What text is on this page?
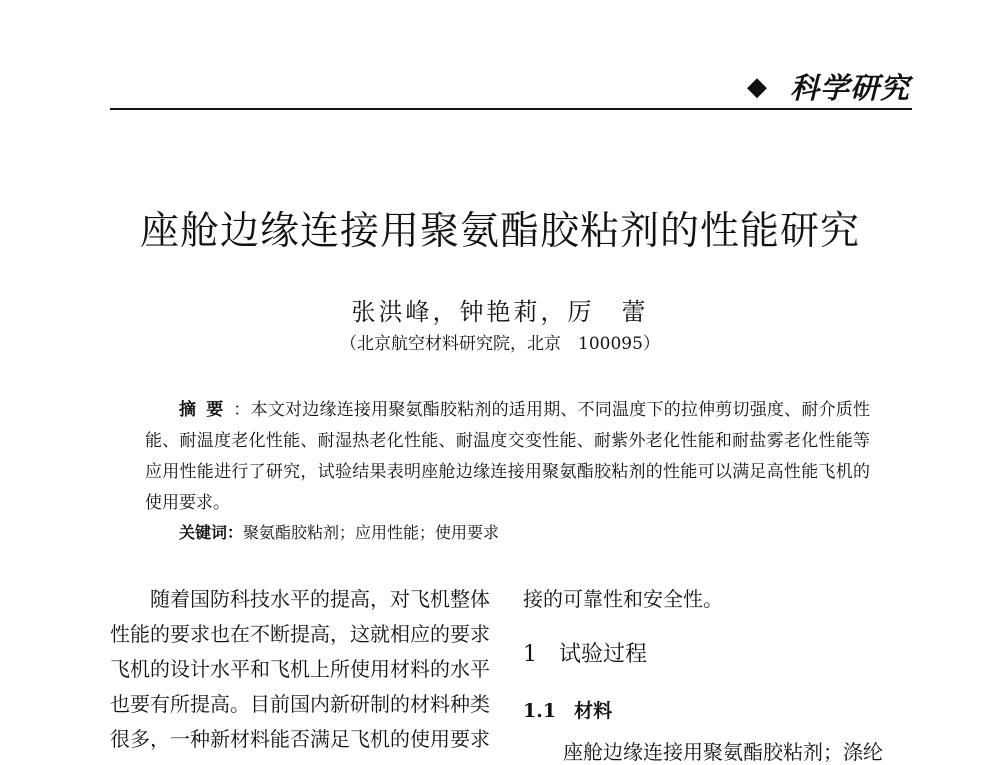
◆ 科学研究
座舱边缘连接用聚氨酯胶粘剂的性能研究
张洪峰，钟艳莉，厉　蕾
（北京航空材料研究院，北京　100095）
摘要：本文对边缘连接用聚氨酯胶粘剂的适用期、不同温度下的拉伸剪切强度、耐介质性能、耐温度老化性能、耐湿热老化性能、耐温度交变性能、耐紫外老化性能和耐盐雾老化性能等应用性能进行了研究，试验结果表明座舱边缘连接用聚氨酯胶粘剂的性能可以满足高性能飞机的使用要求。
关键词：聚氨酯胶粘剂；应用性能；使用要求
随着国防科技水平的提高，对飞机整体性能的要求也在不断提高，这就相应的要求飞机的设计水平和飞机上所使用材料的水平也要有所提高。目前国内新研制的材料种类很多，一种新材料能否满足飞机的使用要求
接的可靠性和安全性。
1 试验过程
1.1 材料
座舱边缘连接用聚氨酯胶粘剂；涤纶
